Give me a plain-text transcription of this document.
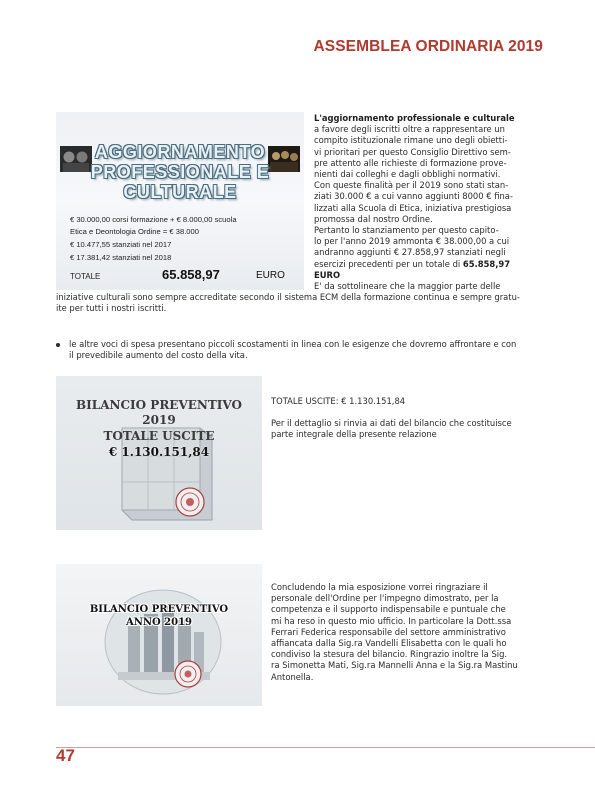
ASSEMBLEA ORDINARIA 2019
AGGIORNAMENTO
PROFESSIONALE E
CULTURALE
€ 30.000,00 corsi formazione + € 8.000,00 scuola
Etica e Deontologia Ordine = € 38.000
€ 10.477,55 stanziati nel 2017
€ 17.381,42 stanziati nel 2018
TOTALE	65.858,97	EURO
L'aggiornamento professionale e culturale
a favore degli iscritti oltre a rappresentare un
compito istituzionale rimane uno degli obietti-
vi prioritari per questo Consiglio Direttivo sem-
pre attento alle richieste di formazione prove-
nienti dai colleghi e dagli obblighi normativi.
Con queste finalità per il 2019 sono stati stan-
ziati 30.000 € a cui vanno aggiunti 8000 € fina-
lizzati alla Scuola di Etica, iniziativa prestigiosa
promossa dal nostro Ordine.
Pertanto lo stanziamento per questo capito-
lo per l'anno 2019 ammonta € 38.000,00 a cui
andranno aggiunti € 27.858,97 stanziati negli
esercizi precedenti per un totale di 65.858,97
EURO
E' da sottolineare che la maggior parte delle
iniziative culturali sono sempre accreditate secondo il sistema ECM della formazione continua e sempre gratu-
ite per tutti i nostri iscritti.
le altre voci di spesa presentano piccoli scostamenti in linea con le esigenze che dovremo affrontare e con
il prevedibile aumento del costo della vita.
BILANCIO PREVENTIVO
2019
TOTALE USCITE
€ 1.130.151,84
TOTALE USCITE: € 1.130.151,84
Per il dettaglio si rinvia ai dati del bilancio che costituisce
parte integrale della presente relazione
BILANCIO PREVENTIVO
ANNO 2019
Concludendo la mia esposizione vorrei ringraziare il
personale dell'Ordine per l'impegno dimostrato, per la
competenza e il supporto indispensabile e puntuale che
mi ha reso in questo mio ufficio. In particolare la Dott.ssa
Ferrari Federica responsabile del settore amministrativo
affiancata dalla Sig.ra Vandelli Elisabetta con le quali ho
condiviso la stesura del bilancio. Ringrazio inoltre la Sig.
ra Simonetta Mati, Sig.ra Mannelli Anna e la Sig.ra Mastinu
Antonella.
47
